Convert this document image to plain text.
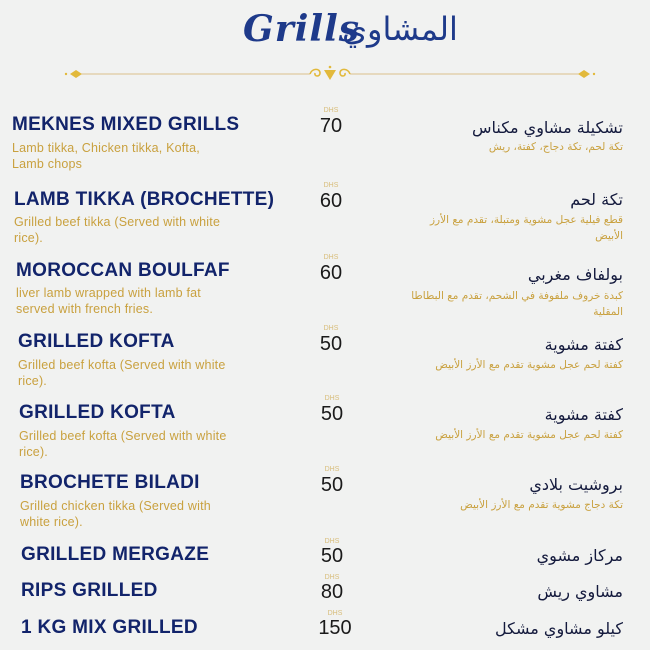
Grills
المشاوي
MEKNES MIXED GRILLS
Lamb tikka, Chicken tikka, Kofta, Lamb chops
DHS
70	تشكيلة مشاوي مكناس
تكة لحم، تكة دجاج، كفتة، ريش
LAMB TIKKA (BROCHETTE)
Grilled beef tikka (Served with white rice).
DHS
60	تكة لحم
قطع فيلية عجل مشوية ومتبلة، تقدم مع الأرز الأبيض
MOROCCAN BOULFAF
liver lamb wrapped with lamb fat served with french fries.
DHS
60	بولفاف مغربي
كبدة خروف ملفوفة في الشحم، تقدم مع البطاطا المقلية
GRILLED KOFTA
Grilled beef kofta (Served with white rice).
DHS
50	كفتة مشوية
كفتة لحم عجل مشوية تقدم مع الأرز الأبيض
GRILLED KOFTA
Grilled beef kofta (Served with white rice).
DHS
50	كفتة مشوية
كفتة لحم عجل مشوية تقدم مع الأرز الأبيض
BROCHETE BILADI
Grilled chicken tikka (Served with white rice).
DHS
50	بروشيت بلادي
تكة دجاج مشوية تقدم مع الأرز الأبيض
GRILLED MERGAZE
DHS
50	مركاز مشوي
RIPS GRILLED
DHS
80	مشاوي ريش
1 KG MIX GRILLED
DHS
150	كيلو مشاوي مشكل
